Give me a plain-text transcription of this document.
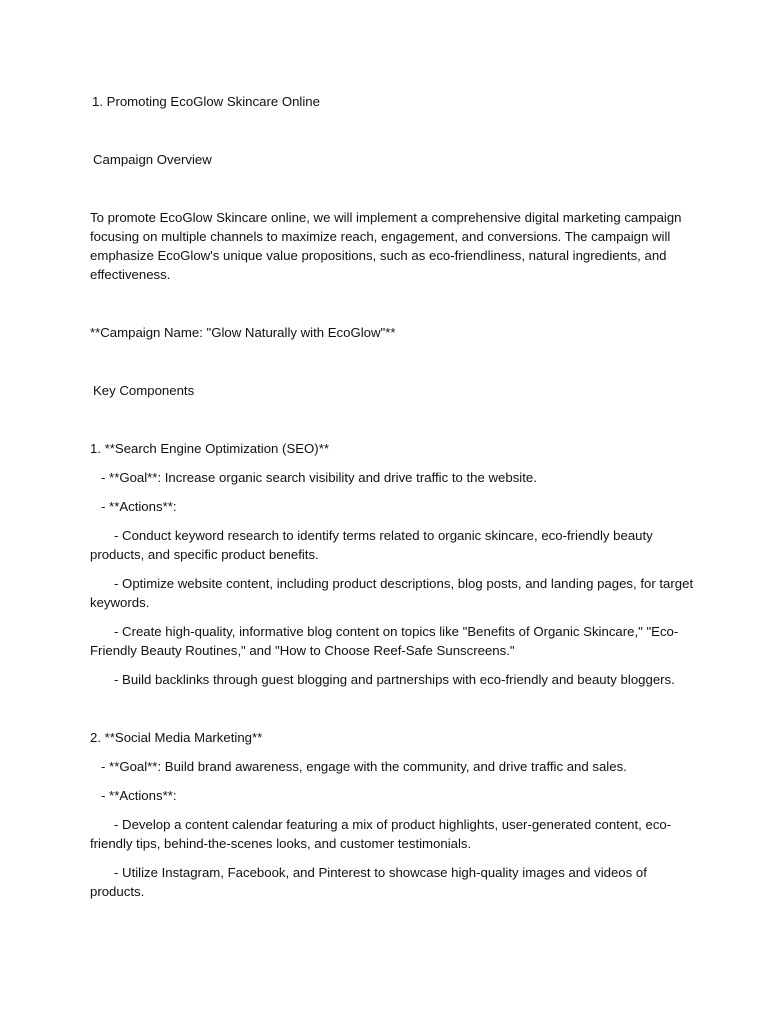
1. Promoting EcoGlow Skincare Online
Campaign Overview
To promote EcoGlow Skincare online, we will implement a comprehensive digital marketing campaign
focusing on multiple channels to maximize reach, engagement, and conversions. The campaign will
emphasize EcoGlow's unique value propositions, such as eco-friendliness, natural ingredients, and
effectiveness.
**Campaign Name: "Glow Naturally with EcoGlow"**
Key Components
1. **Search Engine Optimization (SEO)**
- **Goal**: Increase organic search visibility and drive traffic to the website.
- **Actions**:
- Conduct keyword research to identify terms related to organic skincare, eco-friendly beauty
products, and specific product benefits.
- Optimize website content, including product descriptions, blog posts, and landing pages, for target
keywords.
- Create high-quality, informative blog content on topics like "Benefits of Organic Skincare," "Eco-
Friendly Beauty Routines," and "How to Choose Reef-Safe Sunscreens."
- Build backlinks through guest blogging and partnerships with eco-friendly and beauty bloggers.
2. **Social Media Marketing**
- **Goal**: Build brand awareness, engage with the community, and drive traffic and sales.
- **Actions**:
- Develop a content calendar featuring a mix of product highlights, user-generated content, eco-
friendly tips, behind-the-scenes looks, and customer testimonials.
- Utilize Instagram, Facebook, and Pinterest to showcase high-quality images and videos of
products.
